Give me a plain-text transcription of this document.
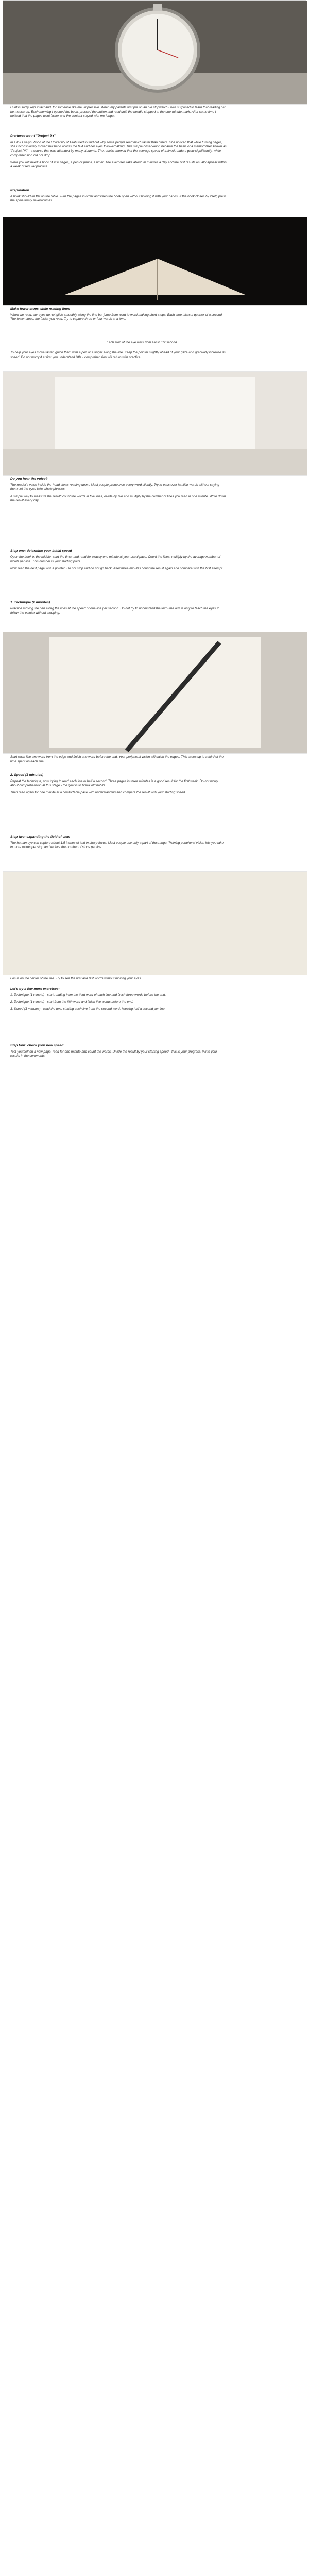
Hunt is sadly kept intact and, for someone like me, impressive. When my parents first put on an old stopwatch I was surprised to learn that reading can be measured. Each morning I opened the book, pressed the button and read until the needle stopped at the one-minute mark. After some time I noticed that the pages went faster and the content stayed with me longer.

Predecessor of "Project PX"

In 1959 Evelyn Wood at the University of Utah tried to find out why some people read much faster than others. She noticed that while turning pages, she unconsciously moved her hand across the text and her eyes followed along. This simple observation became the basis of a method later known as "Project PX" - a course that was attended by many students. The results showed that the average speed of trained readers grew significantly, while comprehension did not drop.

What you will need: a book of 200 pages, a pen or pencil, a timer. The exercises take about 20 minutes a day and the first results usually appear within a week of regular practice.

Preparation

A book should lie flat on the table. Turn the pages in order and keep the book open without holding it with your hands. If the book closes by itself, press the spine firmly several times.

Make fewer stops while reading lines

When we read, our eyes do not glide smoothly along the line but jump from word to word making short stops. Each stop takes a quarter of a second. The fewer stops, the faster you read. Try to capture three or four words at a time.

Each stop of the eye lasts from 1/4 to 1/2 second.

To help your eyes move faster, guide them with a pen or a finger along the line. Keep the pointer slightly ahead of your gaze and gradually increase its speed. Do not worry if at first you understand little - comprehension will return with practice.

Do you hear the voice?

The reader's voice inside the head slows reading down. Most people pronounce every word silently. Try to pass over familiar words without saying them; let the eyes take whole phrases.

A simple way to measure the result: count the words in five lines, divide by five and multiply by the number of lines you read in one minute. Write down the result every day.

Step one: determine your initial speed

Open the book in the middle, start the timer and read for exactly one minute at your usual pace. Count the lines, multiply by the average number of words per line. This number is your starting point.

Now read the next page with a pointer. Do not stop and do not go back. After three minutes count the result again and compare with the first attempt.

1. Technique (2 minutes)

Practice moving the pen along the lines at the speed of one line per second. Do not try to understand the text - the aim is only to teach the eyes to follow the pointer without stopping.

Start each line one word from the edge and finish one word before the end. Your peripheral vision will catch the edges. This saves up to a third of the time spent on each line.

2. Speed (3 minutes)

Repeat the technique, now trying to read each line in half a second. Three pages in three minutes is a good result for the first week. Do not worry about comprehension at this stage - the goal is to break old habits.

Then read again for one minute at a comfortable pace with understanding and compare the result with your starting speed.

Step two: expanding the field of view

The human eye can capture about 1.5 inches of text in sharp focus. Most people use only a part of this range. Training peripheral vision lets you take in more words per stop and reduce the number of stops per line.

Focus on the center of the line. Try to see the first and last words without moving your eyes.

Let's try a few more exercises:

1. Technique (1 minute) - start reading from the third word of each line and finish three words before the end.

2. Technique (1 minute) - start from the fifth word and finish five words before the end.

3. Speed (3 minutes) - read the text, starting each line from the second word, keeping half a second per line.

Step four: check your new speed

Test yourself on a new page: read for one minute and count the words. Divide the result by your starting speed - this is your progress. Write your results in the comments.
